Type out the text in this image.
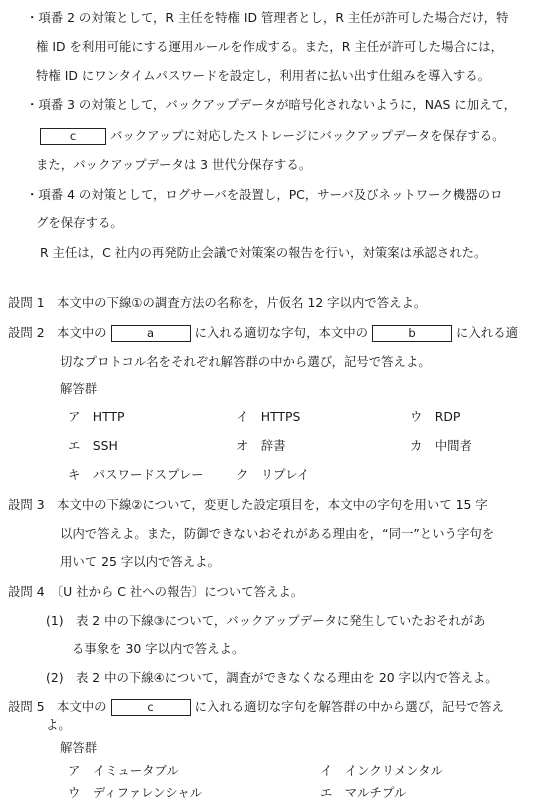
・項番 2 の対策として，R 主任を特権 ID 管理者とし，R 主任が許可した場合だけ，特
権 ID を利用可能にする運用ルールを作成する。また，R 主任が許可した場合には，
特権 ID にワンタイムパスワードを設定し，利用者に払い出す仕組みを導入する。
・項番 3 の対策として，バックアップデータが暗号化されないように，NAS に加えて，
c	バックアップに対応したストレージにバックアップデータを保存する。
また，バックアップデータは 3 世代分保存する。
・項番 4 の対策として，ログサーバを設置し，PC，サーバ及びネットワーク機器のロ
グを保存する。
R 主任は，C 社内の再発防止会議で対策案の報告を行い，対策案は承認された。
設問 1　本文中の下線①の調査方法の名称を，片仮名 12 字以内で答えよ。
設問 2　本文中の	a	に入れる適切な字句，本文中の	b	に入れる適
切なプロトコル名をそれぞれ解答群の中から選び，記号で答えよ。
解答群
ア　HTTP	イ　HTTPS	ウ　RDP
エ　SSH	オ　辞書	カ　中間者
キ　パスワードスプレー	ク　リプレイ
設問 3　本文中の下線②について，変更した設定項目を，本文中の字句を用いて 15 字
以内で答えよ。また，防御できないおそれがある理由を，“同一”という字句を
用いて 25 字以内で答えよ。
設問 4　〔U 社から C 社への報告〕について答えよ。
(1)　表 2 中の下線③について，バックアップデータに発生していたおそれがあ
る事象を 30 字以内で答えよ。
(2)　表 2 中の下線④について，調査ができなくなる理由を 20 字以内で答えよ。
設問 5　本文中の	c	に入れる適切な字句を解答群の中から選び，記号で答え
よ。
解答群
ア　イミュータブル	イ　インクリメンタル
ウ　ディファレンシャル	エ　マルチプル
